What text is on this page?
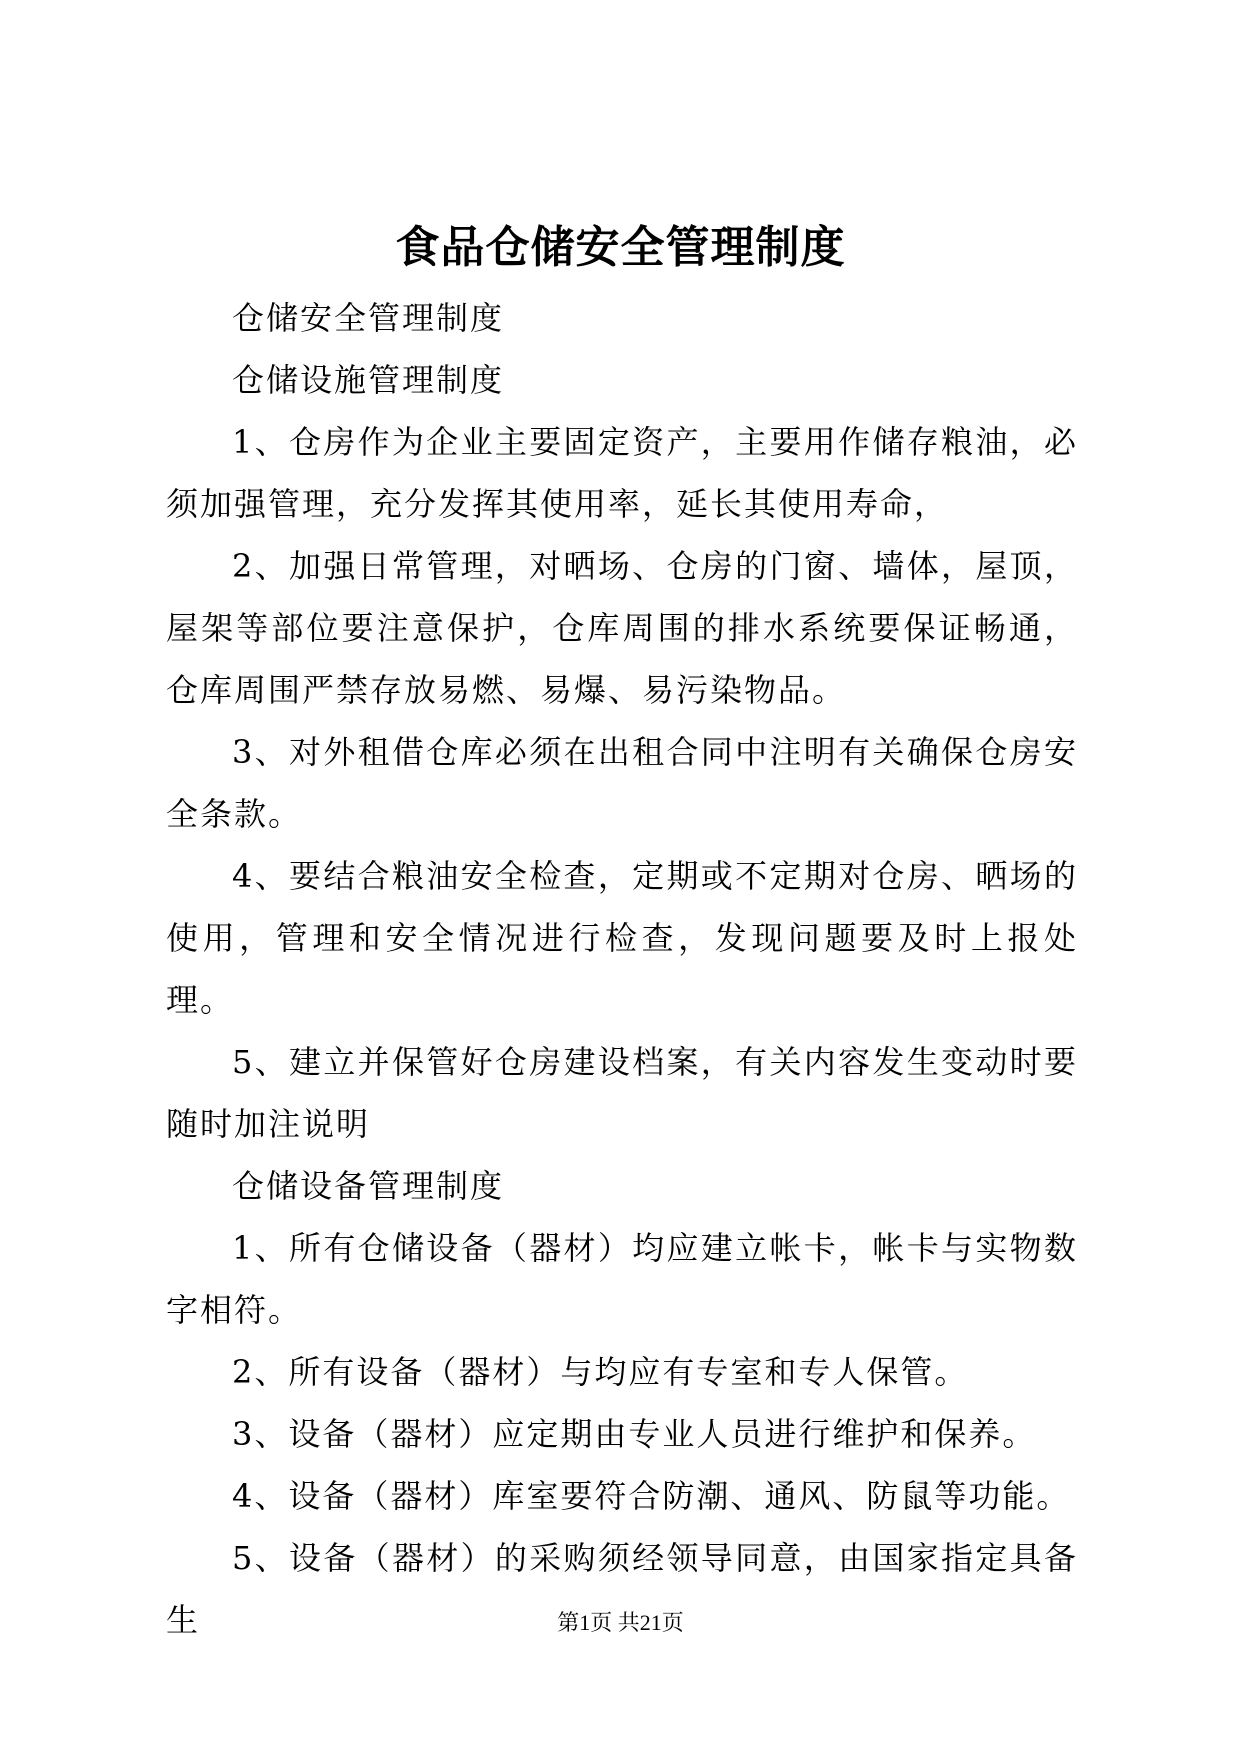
食品仓储安全管理制度

仓储安全管理制度

仓储设施管理制度

1、仓房作为企业主要固定资产，主要用作储存粮油，必须加强管理，充分发挥其使用率，延长其使用寿命，

2、加强日常管理，对晒场、仓房的门窗、墙体，屋顶，屋架等部位要注意保护，仓库周围的排水系统要保证畅通，仓库周围严禁存放易燃、易爆、易污染物品。

3、对外租借仓库必须在出租合同中注明有关确保仓房安全条款。

4、要结合粮油安全检查，定期或不定期对仓房、晒场的使用，管理和安全情况进行检查，发现问题要及时上报处理。

5、建立并保管好仓房建设档案，有关内容发生变动时要随时加注说明

仓储设备管理制度

1、所有仓储设备（器材）均应建立帐卡，帐卡与实物数字相符。

2、所有设备（器材）与均应有专室和专人保管。

3、设备（器材）应定期由专业人员进行维护和保养。

4、设备（器材）库室要符合防潮、通风、防鼠等功能。

5、设备（器材）的采购须经领导同意，由国家指定具备生	第1页 共21页
